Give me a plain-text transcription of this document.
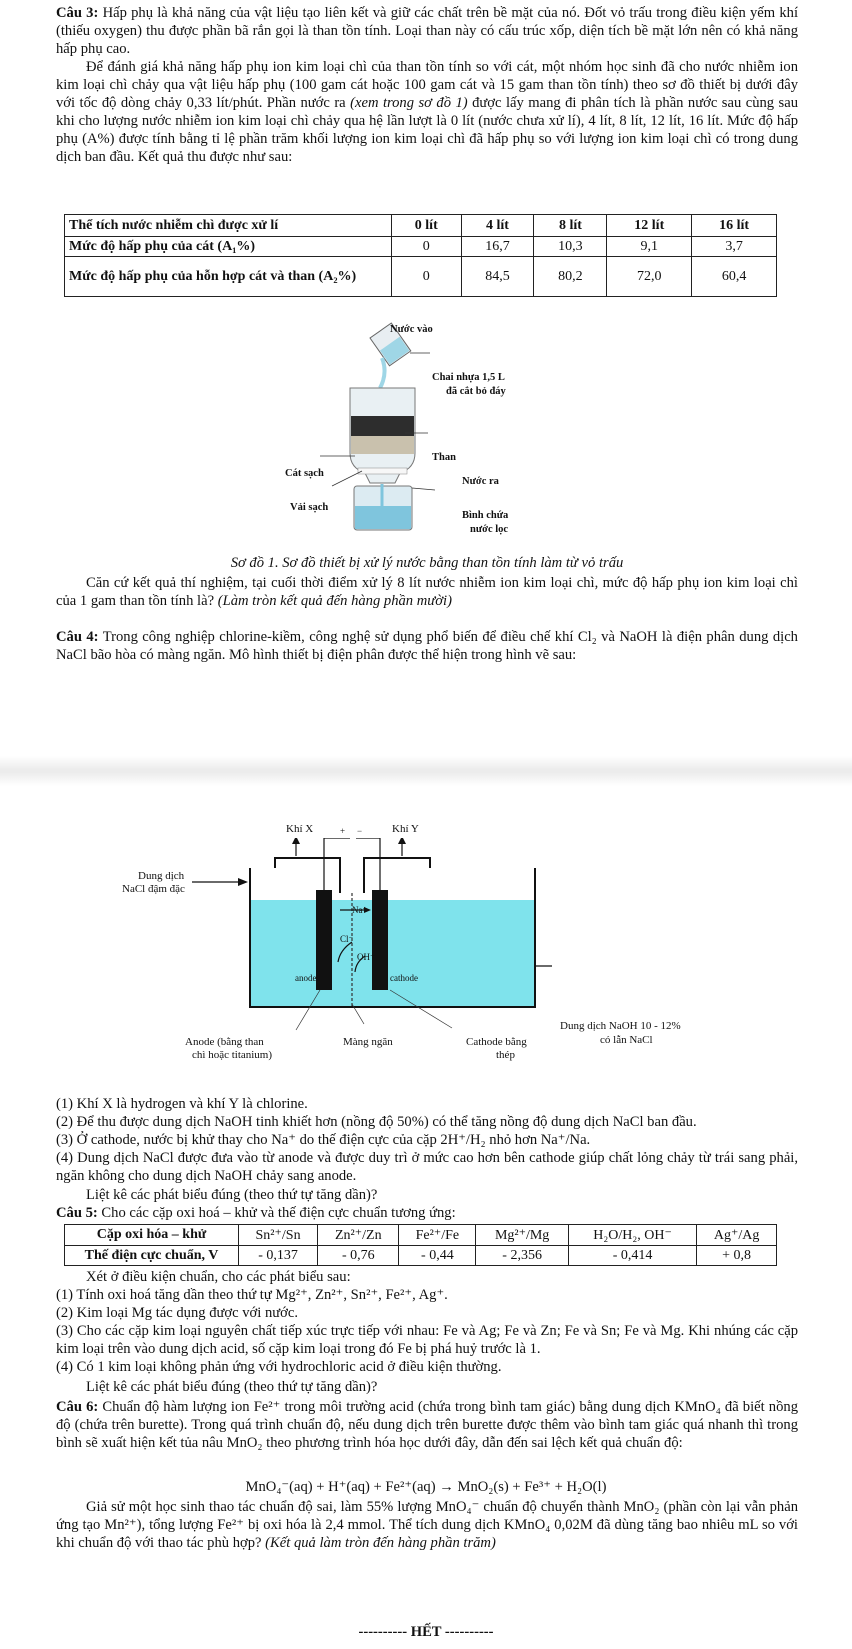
Câu 3: Hấp phụ là khả năng của vật liệu tạo liên kết và giữ các chất trên bề mặt của nó. Đốt vỏ trấu trong điều kiện yếm khí (thiếu oxygen) thu được phần bã rắn gọi là than tồn tính. Loại than này có cấu trúc xốp, diện tích bề mặt lớn nên có khả năng hấp phụ cao.
Để đánh giá khả năng hấp phụ ion kim loại chì của than tồn tính so với cát, một nhóm học sinh đã cho nước nhiễm ion kim loại chì chảy qua vật liệu hấp phụ (100 gam cát hoặc 100 gam cát và 15 gam than tồn tính) theo sơ đồ thiết bị dưới đây với tốc độ dòng chảy 0,33 lít/phút. Phần nước ra (xem trong sơ đồ 1) được lấy mang đi phân tích là phần nước sau cùng sau khi cho lượng nước nhiễm ion kim loại chì chảy qua hệ lần lượt là 0 lít (nước chưa xử lí), 4 lít, 8 lít, 12 lít, 16 lít. Mức độ hấp phụ (A%) được tính bằng tỉ lệ phần trăm khối lượng ion kim loại chì đã hấp phụ so với lượng ion kim loại chì có trong dung dịch ban đầu. Kết quả thu được như sau:
Thể tích nước nhiễm chì được xử lí	0 lít	4 lít	8 lít	12 lít	16 lít
Mức độ hấp phụ của cát (A₁%)	0	16,7	10,3	9,1	3,7
Mức độ hấp phụ của hỗn hợp cát và than (A₂%)	0	84,5	80,2	72,0	60,4
Nước vào
Chai nhựa 1,5 L
đã cắt bỏ đáy
Than
Cát sạch
Nước ra
Vải sạch
Bình chứa
nước lọc
Sơ đồ 1. Sơ đồ thiết bị xử lý nước bằng than tồn tính làm từ vỏ trấu
Căn cứ kết quả thí nghiệm, tại cuối thời điểm xử lý 8 lít nước nhiễm ion kim loại chì, mức độ hấp phụ ion kim loại chì của 1 gam than tồn tính là? (Làm tròn kết quả đến hàng phần mười)
Câu 4: Trong công nghiệp chlorine-kiềm, công nghệ sử dụng phổ biến để điều chế khí Cl₂ và NaOH là điện phân dung dịch NaCl bão hòa có màng ngăn. Mô hình thiết bị điện phân được thể hiện trong hình vẽ sau:
Khí X	Khí Y
+ −
Dung dịch
NaCl đậm đặc
Na⁺
Cl⁻
OH⁻
anode	cathode
Dung dịch NaOH 10 - 12%
có lẫn NaCl
Anode (bằng than
chì hoặc titanium)
Màng ngăn	Cathode bằng
thép
(1) Khí X là hydrogen và khí Y là chlorine.
(2) Để thu được dung dịch NaOH tinh khiết hơn (nồng độ 50%) có thể tăng nồng độ dung dịch NaCl ban đầu.
(3) Ở cathode, nước bị khử thay cho Na⁺ do thế điện cực của cặp 2H⁺/H₂ nhỏ hơn Na⁺/Na.
(4) Dung dịch NaCl được đưa vào từ anode và được duy trì ở mức cao hơn bên cathode giúp chất lỏng chảy từ trái sang phải, ngăn không cho dung dịch NaOH chảy sang anode.
Liệt kê các phát biểu đúng (theo thứ tự tăng dần)?
Câu 5: Cho các cặp oxi hoá – khử và thế điện cực chuẩn tương ứng:
Cặp oxi hóa – khử	Sn²⁺/Sn	Zn²⁺/Zn	Fe²⁺/Fe	Mg²⁺/Mg	H₂O/H₂, OH⁻	Ag⁺/Ag
Thế điện cực chuẩn, V	- 0,137	- 0,76	- 0,44	- 2,356	- 0,414	+ 0,8
Xét ở điều kiện chuẩn, cho các phát biểu sau:
(1) Tính oxi hoá tăng dần theo thứ tự Mg²⁺, Zn²⁺, Sn²⁺, Fe²⁺, Ag⁺.
(2) Kim loại Mg tác dụng được với nước.
(3) Cho các cặp kim loại nguyên chất tiếp xúc trực tiếp với nhau: Fe và Ag; Fe và Zn; Fe và Sn; Fe và Mg. Khi nhúng các cặp kim loại trên vào dung dịch acid, số cặp kim loại trong đó Fe bị phá huỷ trước là 1.
(4) Có 1 kim loại không phản ứng với hydrochloric acid ở điều kiện thường.
Liệt kê các phát biểu đúng (theo thứ tự tăng dần)?
Câu 6: Chuẩn độ hàm lượng ion Fe²⁺ trong môi trường acid (chứa trong bình tam giác) bằng dung dịch KMnO₄ đã biết nồng độ (chứa trên burette). Trong quá trình chuẩn độ, nếu dung dịch trên burette được thêm vào bình tam giác quá nhanh thì trong bình sẽ xuất hiện kết tủa nâu MnO₂ theo phương trình hóa học dưới đây, dẫn đến sai lệch kết quả chuẩn độ:
MnO₄⁻(aq) + H⁺(aq) + Fe²⁺(aq) → MnO₂(s) + Fe³⁺ + H₂O(l)
Giả sử một học sinh thao tác chuẩn độ sai, làm 55% lượng MnO₄⁻ chuẩn độ chuyển thành MnO₂ (phần còn lại vẫn phản ứng tạo Mn²⁺), tổng lượng Fe²⁺ bị oxi hóa là 2,4 mmol. Thể tích dung dịch KMnO₄ 0,02M đã dùng tăng bao nhiêu mL so với khi chuẩn độ với thao tác phù hợp? (Kết quả làm tròn đến hàng phần trăm)
---------- HẾT ----------
